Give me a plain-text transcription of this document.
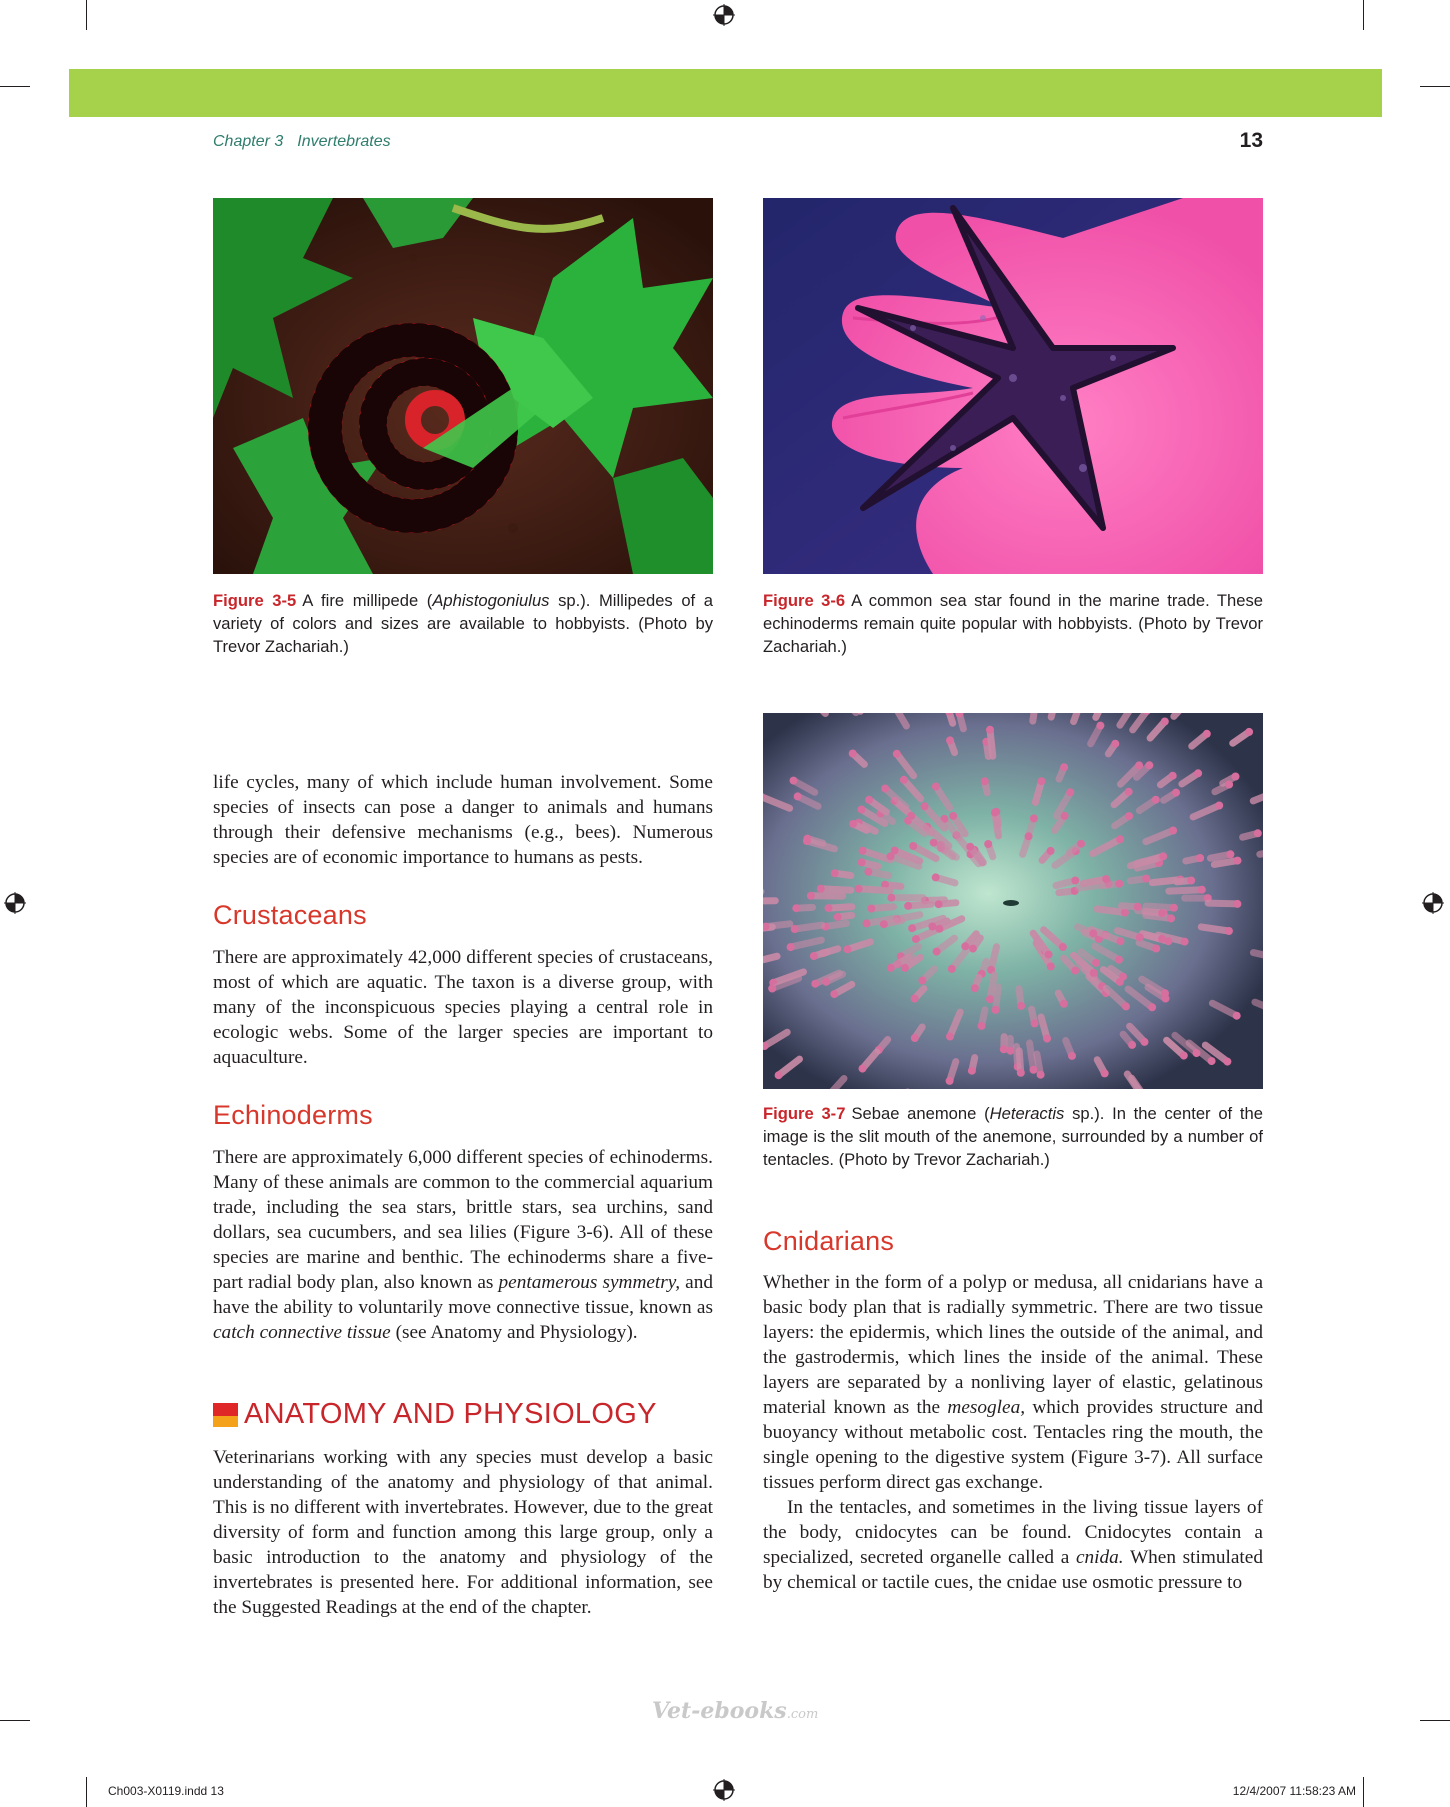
Chapter 3 Invertebrates	13
Figure 3-5 A fire millipede (Aphistogoniulus sp.). Millipedes of a variety of colors and sizes are available to hobbyists. (Photo by Trevor Zachariah.)
Figure 3-6 A common sea star found in the marine trade. These echinoderms remain quite popular with hobbyists. (Photo by Trevor Zachariah.)
Figure 3-7 Sebae anemone (Heteractis sp.). In the center of the image is the slit mouth of the anemone, surrounded by a number of tentacles. (Photo by Trevor Zachariah.)

life cycles, many of which include human involvement. Some species of insects can pose a danger to animals and humans through their defensive mechanisms (e.g., bees). Numerous species are of economic importance to humans as pests.

Crustaceans

There are approximately 42,000 different species of crustaceans, most of which are aquatic. The taxon is a diverse group, with many of the inconspicuous species playing a central role in ecologic webs. Some of the larger species are important to aquaculture.

Echinoderms

There are approximately 6,000 different species of echinoderms. Many of these animals are common to the commercial aquarium trade, including the sea stars, brittle stars, sea urchins, sand dollars, sea cucumbers, and sea lilies (Figure 3-6). All of these species are marine and benthic. The echinoderms share a five-part radial body plan, also known as pentamerous symmetry, and have the ability to voluntarily move connective tissue, known as catch connective tissue (see Anatomy and Physiology).

ANATOMY AND PHYSIOLOGY

Veterinarians working with any species must develop a basic understanding of the anatomy and physiology of that animal. This is no different with invertebrates. However, due to the great diversity of form and function among this large group, only a basic introduction to the anatomy and physiology of the invertebrates is presented here. For additional information, see the Suggested Readings at the end of the chapter.

Cnidarians

Whether in the form of a polyp or medusa, all cnidarians have a basic body plan that is radially symmetric. There are two tissue layers: the epidermis, which lines the outside of the animal, and the gastrodermis, which lines the inside of the animal. These layers are separated by a nonliving layer of elastic, gelatinous material known as the mesoglea, which provides structure and buoyancy without metabolic cost. Tentacles ring the mouth, the single opening to the digestive system (Figure 3-7). All surface tissues perform direct gas exchange.

In the tentacles, and sometimes in the living tissue layers of the body, cnidocytes can be found. Cnidocytes contain a specialized, secreted organelle called a cnida. When stimulated by chemical or tactile cues, the cnidae use osmotic pressure to

Vet-ebooks.com
Ch003-X0119.indd 13	12/4/2007 11:58:23 AM
